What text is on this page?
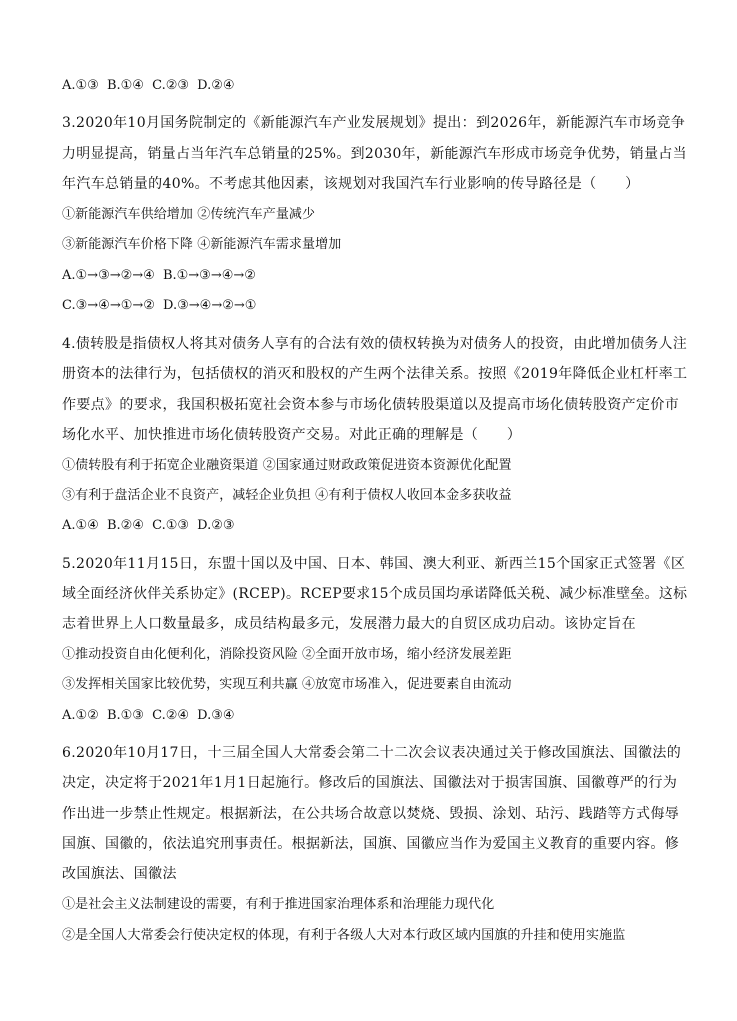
A.①③ B.①④ C.②③ D.②④
3.2020年10月国务院制定的《新能源汽车产业发展规划》提出：到2026年，新能源汽车市场竞争
力明显提高，销量占当年汽车总销量的25%。到2030年，新能源汽车形成市场竞争优势，销量占当
年汽车总销量的40%。不考虑其他因素，该规划对我国汽车行业影响的传导路径是（　　）
①新能源汽车供给增加 ②传统汽车产量减少
③新能源汽车价格下降 ④新能源汽车需求量增加
A.①→③→②→④ B.①→③→④→②
C.③→④→①→② D.③→④→②→①
4.债转股是指债权人将其对债务人享有的合法有效的债权转换为对债务人的投资，由此增加债务人注
册资本的法律行为，包括债权的消灭和股权的产生两个法律关系。按照《2019年降低企业杠杆率工
作要点》的要求，我国积极拓宽社会资本参与市场化债转股渠道以及提高市场化债转股资产定价市
场化水平、加快推进市场化债转股资产交易。对此正确的理解是（　　）
①债转股有利于拓宽企业融资渠道 ②国家通过财政政策促进资本资源优化配置
③有利于盘活企业不良资产，减轻企业负担 ④有利于债权人收回本金多获收益
A.①④ B.②④ C.①③ D.②③
5.2020年11月15日，东盟十国以及中国、日本、韩国、澳大利亚、新西兰15个国家正式签署《区
域全面经济伙伴关系协定》(RCEP)。RCEP要求15个成员国均承诺降低关税、减少标准壁垒。这标
志着世界上人口数量最多，成员结构最多元，发展潜力最大的自贸区成功启动。该协定旨在
①推动投资自由化便利化，消除投资风险 ②全面开放市场，缩小经济发展差距
③发挥相关国家比较优势，实现互利共赢 ④放宽市场准入，促进要素自由流动
A.①② B.①③ C.②④ D.③④
6.2020年10月17日，十三届全国人大常委会第二十二次会议表决通过关于修改国旗法、国徽法的
决定，决定将于2021年1月1日起施行。修改后的国旗法、国徽法对于损害国旗、国徽尊严的行为
作出进一步禁止性规定。根据新法，在公共场合故意以焚烧、毁损、涂划、玷污、践踏等方式侮辱
国旗、国徽的，依法追究刑事责任。根据新法，国旗、国徽应当作为爱国主义教育的重要内容。修
改国旗法、国徽法
①是社会主义法制建设的需要，有利于推进国家治理体系和治理能力现代化
②是全国人大常委会行使决定权的体现，有利于各级人大对本行政区域内国旗的升挂和使用实施监
